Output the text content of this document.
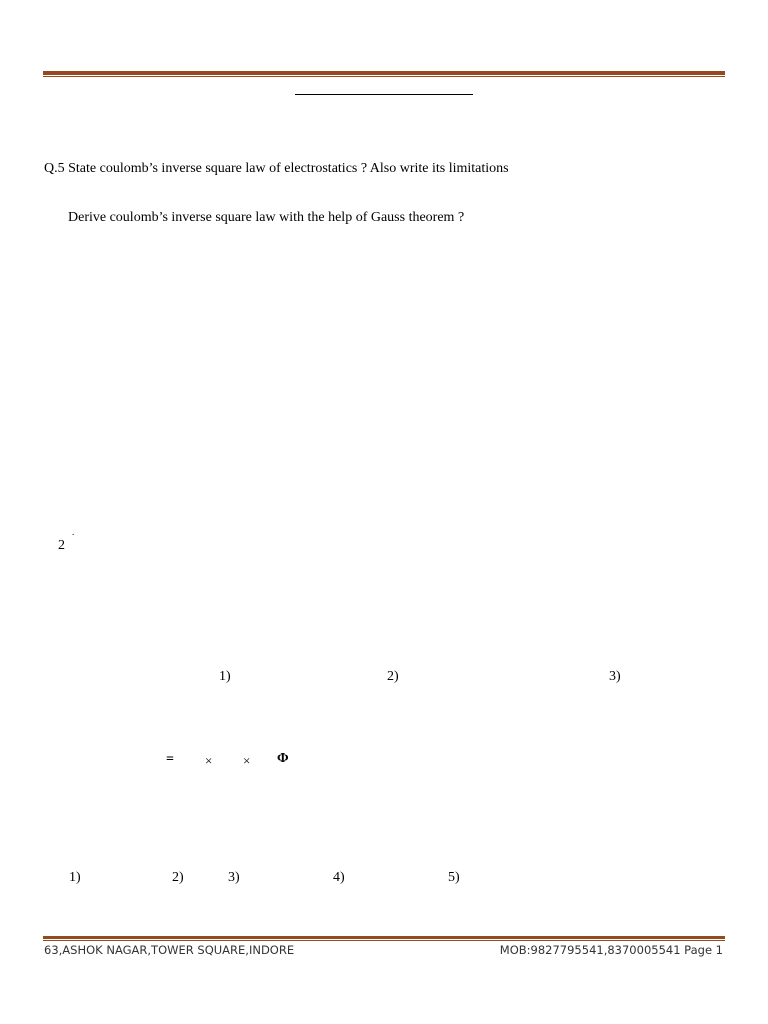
Q.5 State coulomb’s inverse square law of electrostatics ? Also write its limitations
Derive coulomb’s inverse square law with the help of Gauss theorem ?
.
2
1)	2)	3)
= × × Φ
1)	2)	3)	4)	5)
63,ASHOK NAGAR,TOWER SQUARE,INDORE	MOB:9827795541,8370005541 Page 1
